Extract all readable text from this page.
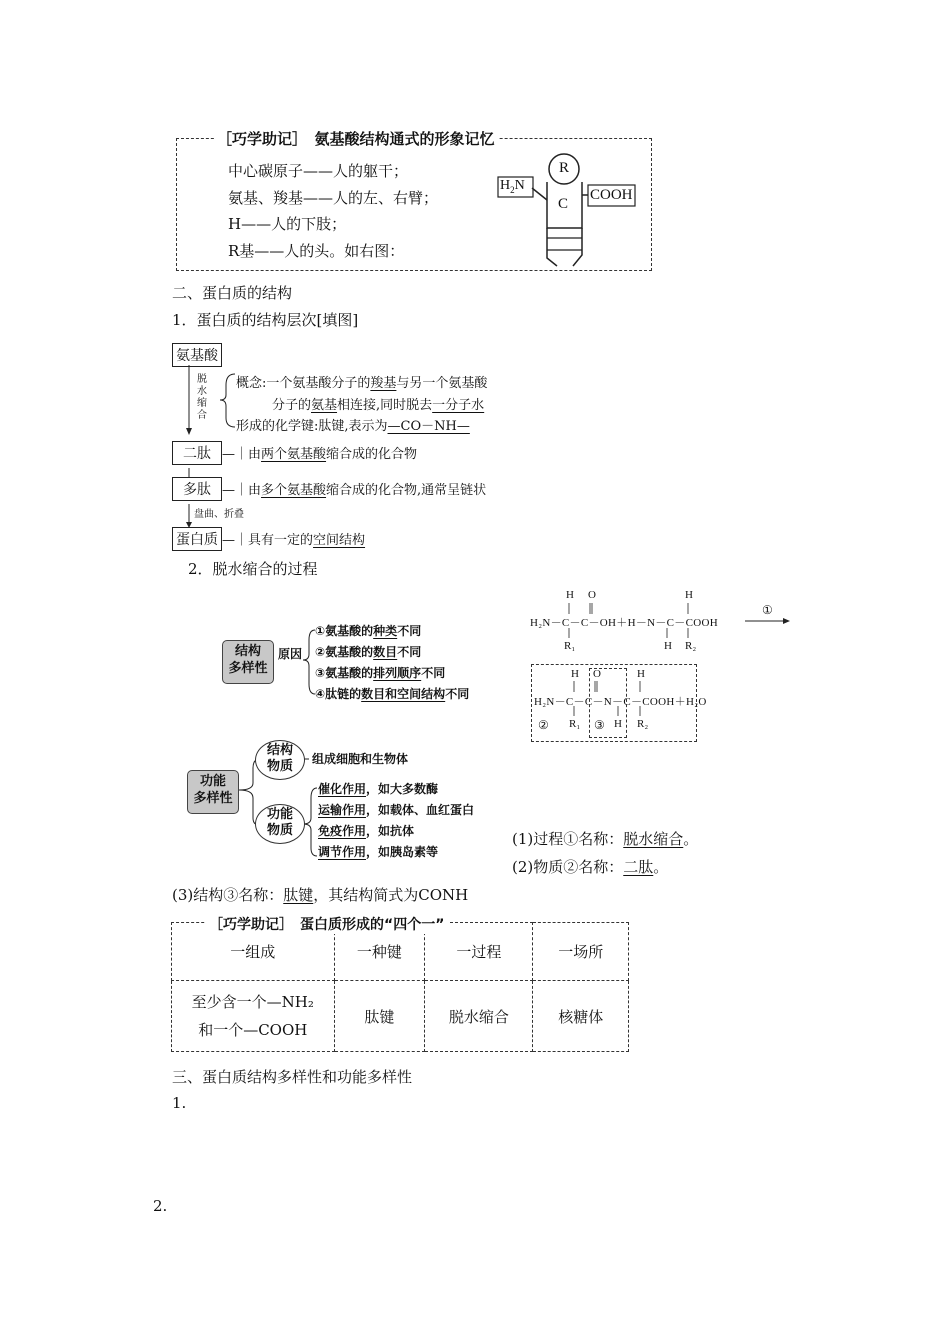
［巧学助记］　氨基酸结构通式的形象记忆
中心碳原子——人的躯干；
氨基、羧基——人的左、右臂；
H——人的下肢；
R基——人的头。如右图：
R
C
$H_2N$
COOH
二、蛋白质的结构
1．蛋白质的结构层次[填图]
氨基酸
脱
水
缩
合
概念:一个氨基酸分子的羧基与另一个氨基酸
分子的氨基相连接,同时脱去一分子水
形成的化学键:肽键,表示为—CO－NH—
二肽 —｜由两个氨基酸缩合成的化合物
多肽 —｜由多个氨基酸缩合成的化合物,通常呈链状
盘曲、折叠
蛋白质 —｜具有一定的空间结构
2．脱水缩合的过程
结构
多样性
原因
①氨基酸的种类不同
②氨基酸的数目不同
③氨基酸的排列顺序不同
④肽链的数目和空间结构不同
功能
多样性
结构
物质	组成细胞和生物体
功能
物质
催化作用，如大多数酶
运输作用，如载体、血红蛋白
免疫作用，如抗体
调节作用，如胰岛素等
H O	H
H₂N－C－C－OH＋H－N－C－COOH
①
R₁	H R₂
H O	H
H₂N－C－C－N－C－COOH＋H₂O
② R₁ ③ H R₂
(1)过程①名称：脱水缩合。
(2)物质②名称：二肽。
(3)结构③名称：肽键，其结构简式为CONH
一组成	一种键	一过程	一场所

至少含一个—NH₂
和一个—COOH	肽键	脱水缩合	核糖体
［巧学助记］　蛋白质形成的“四个一”
三、蛋白质结构多样性和功能多样性
1.
2.
